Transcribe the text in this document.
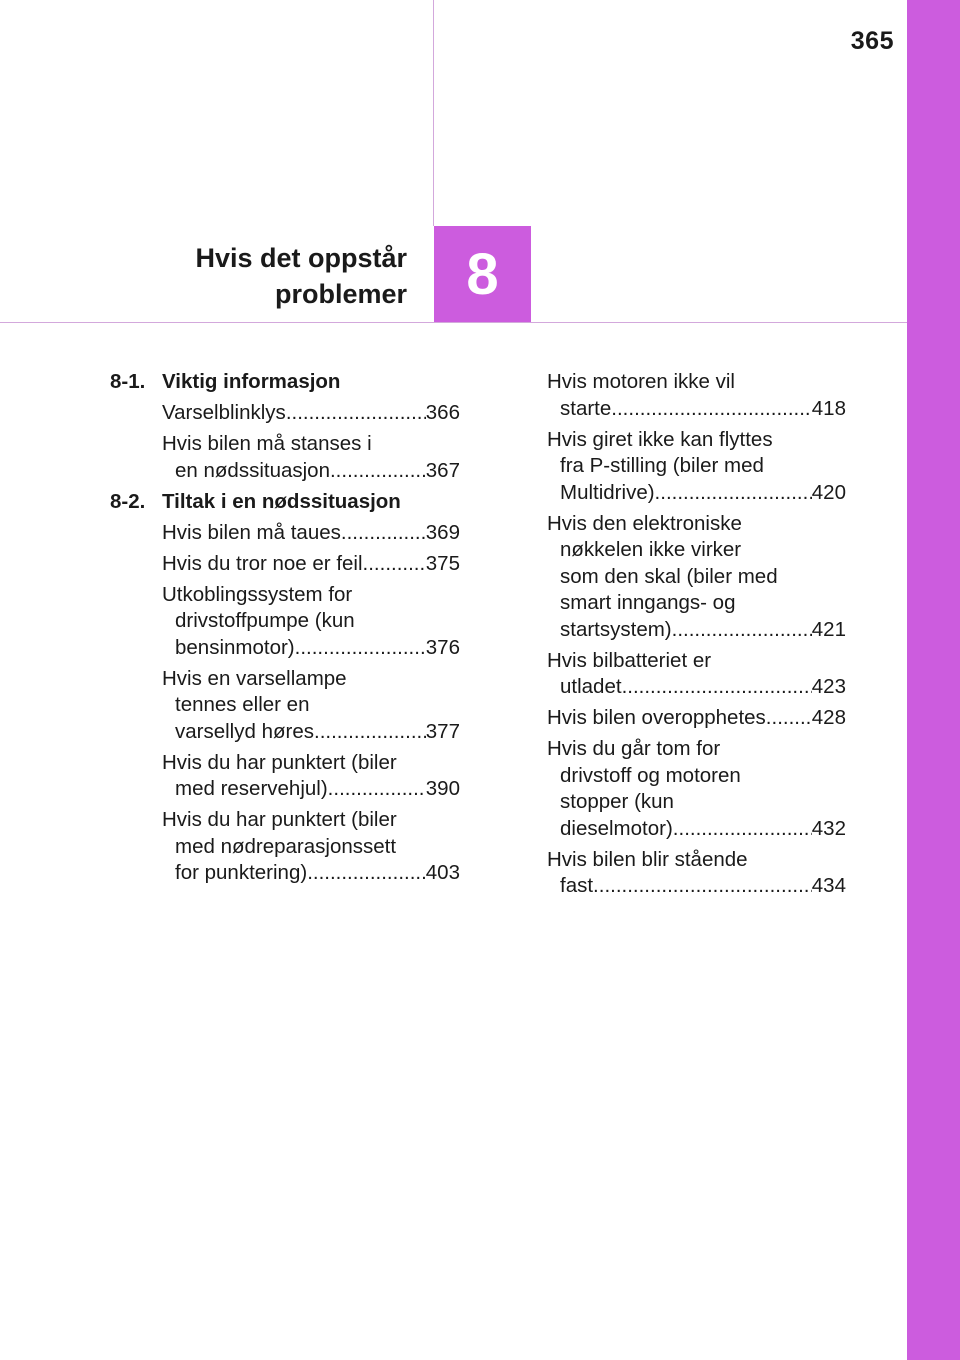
365
Hvis det oppstår
problemer	8
8-1. Viktig informasjon
Varselblinklys .....	366
Hvis bilen må stanses i
en nødssituasjon .....	367
8-2. Tiltak i en nødssituasjon
Hvis bilen må taues .....	369
Hvis du tror noe er feil .....	375
Utkoblingssystem for
drivstoffpumpe (kun
bensinmotor) .....	376
Hvis en varsellampe
tennes eller en
varsellyd høres .....	377
Hvis du har punktert (biler
med reservehjul) .....	390
Hvis du har punktert (biler
med nødreparasjonssett
for punktering) .....	403
Hvis motoren ikke vil
starte .....	418
Hvis giret ikke kan flyttes
fra P-stilling (biler med
Multidrive) .....	420
Hvis den elektroniske
nøkkelen ikke virker
som den skal (biler med
smart inngangs- og
startsystem) .....	421
Hvis bilbatteriet er
utladet .....	423
Hvis bilen overopphetes ..... 428
Hvis du går tom for
drivstoff og motoren
stopper (kun
dieselmotor) .....	432
Hvis bilen blir stående
fast .....	434
